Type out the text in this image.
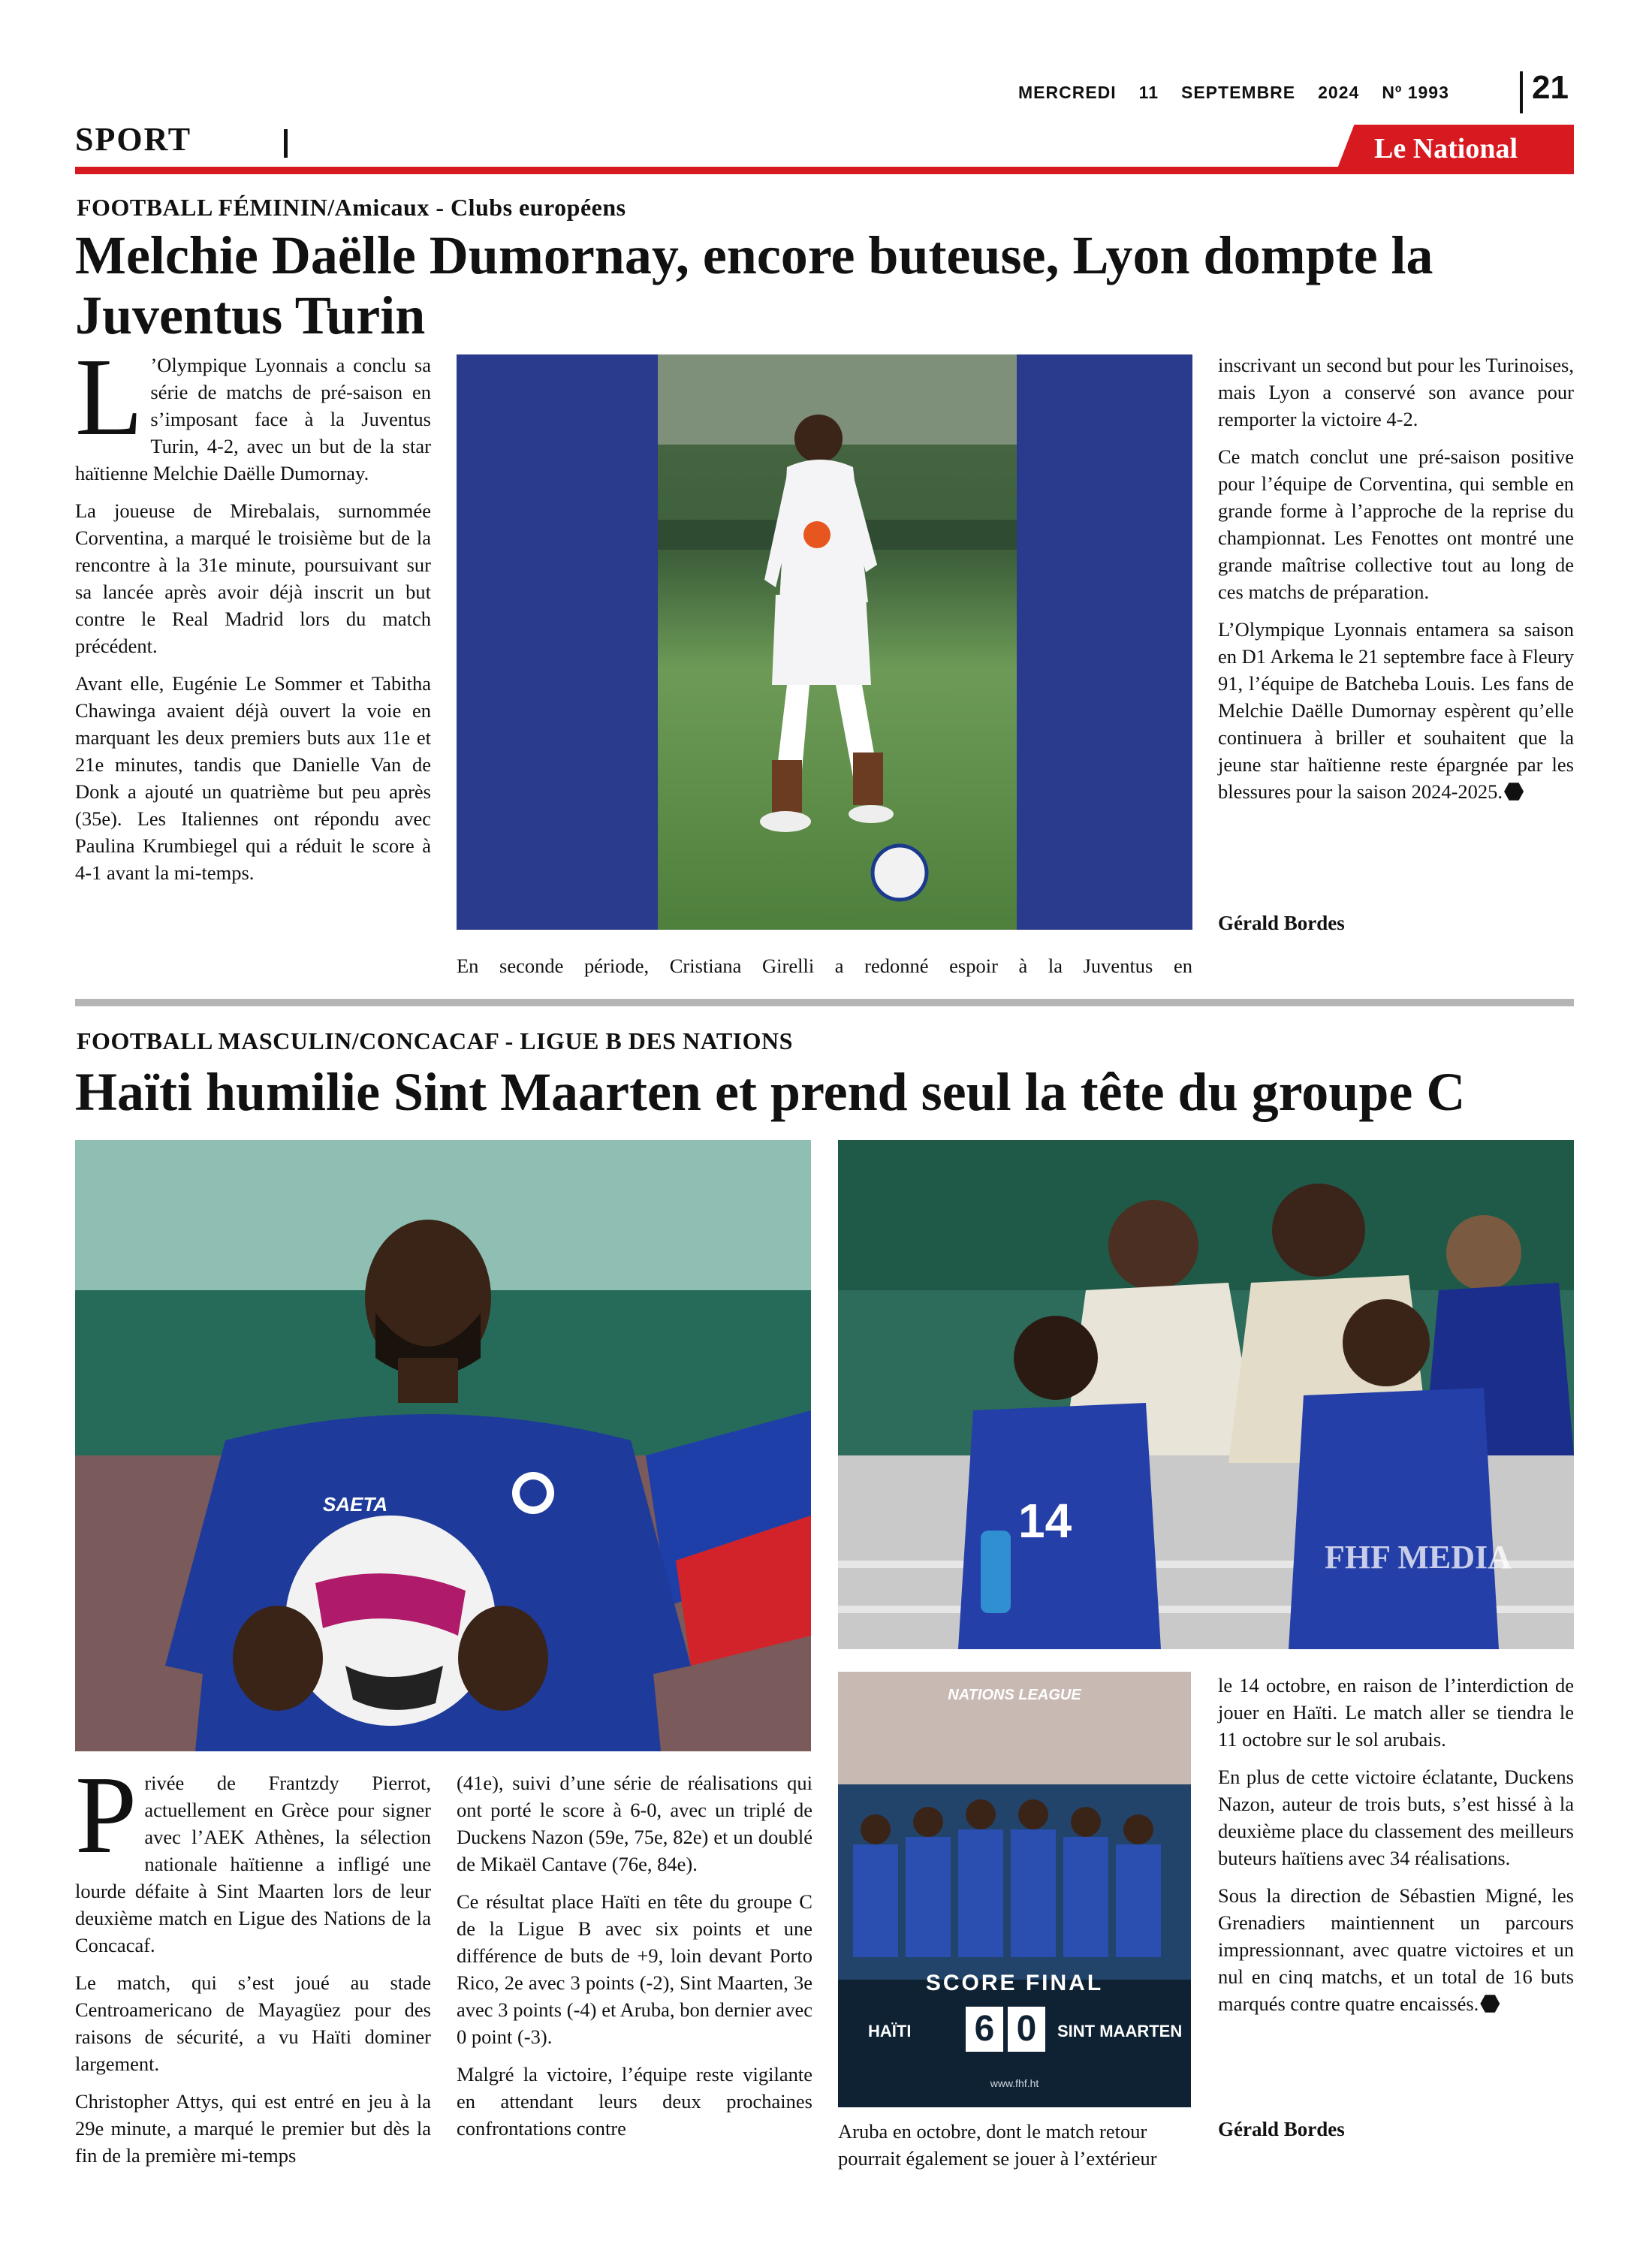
MERCREDI 11 SEPTEMBRE 2024 Nº 1993	21
SPORT	Le National
FOOTBALL FÉMININ/Amicaux - Clubs européens
Melchie Daëlle Dumornay, encore buteuse, Lyon dompte la Juventus Turin

L ’Olympique Lyonnais a conclu sa série de matchs de pré-saison en s’imposant face à la Juventus Turin, 4-2, avec un but de la star haïtienne Melchie Daëlle Dumornay.

La joueuse de Mirebalais, surnommée Corventina, a marqué le troisième but de la rencontre à la 31e minute, poursuivant sur sa lancée après avoir déjà inscrit un but contre le Real Madrid lors du match précédent.

Avant elle, Eugénie Le Sommer et Tabitha Chawinga avaient déjà ouvert la voie en marquant les deux premiers buts aux 11e et 21e minutes, tandis que Danielle Van de Donk a ajouté un quatrième but peu après (35e). Les Italiennes ont répondu avec Paulina Krumbiegel qui a réduit le score à 4-1 avant la mi-temps.

En seconde période, Cristiana Girelli a redonné espoir à la Juventus en

inscrivant un second but pour les Turinoises, mais Lyon a conservé son avance pour remporter la victoire 4-2.

Ce match conclut une pré-saison positive pour l’équipe de Corventina, qui semble en grande forme à l’approche de la reprise du championnat. Les Fenottes ont montré une grande maîtrise collective tout au long de ces matchs de préparation.

L’Olympique Lyonnais entamera sa saison en D1 Arkema le 21 septembre face à Fleury 91, l’équipe de Batcheba Louis. Les fans de Melchie Daëlle Dumornay espèrent qu’elle continuera à briller et souhaitent que la jeune star haïtienne reste épargnée par les blessures pour la saison 2024-2025.

Gérald Bordes
FOOTBALL MASCULIN/CONCACAF - LIGUE B DES NATIONS
Haïti humilie Sint Maarten et prend seul la tête du groupe C
SAETA	14
FHF MEDIA
NATIONS LEAGUE
SCORE FINAL
HAÏTI 6 0	SINT MAARTEN
www.fhf.ht
Aruba en octobre, dont le match retour pourrait également se jouer à l’extérieur

Privée de Frantzdy Pierrot, actuellement en Grèce pour signer avec l’AEK Athènes, la sélection nationale haïtienne a infligé une lourde défaite à Sint Maarten lors de leur deuxième match en Ligue des Nations de la Concacaf.

Le match, qui s’est joué au stade Centroamericano de Mayagüez pour des raisons de sécurité, a vu Haïti dominer largement.

Christopher Attys, qui est entré en jeu à la 29e minute, a marqué le premier but dès la fin de la première mi-temps

(41e), suivi d’une série de réalisations qui ont porté le score à 6-0, avec un triplé de Duckens Nazon (59e, 75e, 82e) et un doublé de Mikaël Cantave (76e, 84e).

Ce résultat place Haïti en tête du groupe C de la Ligue B avec six points et une différence de buts de +9, loin devant Porto Rico, 2e avec 3 points (-2), Sint Maarten, 3e avec 3 points (-4) et Aruba, bon dernier avec 0 point (-3).

Malgré la victoire, l’équipe reste vigilante en attendant leurs deux prochaines confrontations contre

le 14 octobre, en raison de l’interdiction de jouer en Haïti. Le match aller se tiendra le 11 octobre sur le sol arubais.

En plus de cette victoire éclatante, Duckens Nazon, auteur de trois buts, s’est hissé à la deuxième place du classement des meilleurs buteurs haïtiens avec 34 réalisations.

Sous la direction de Sébastien Migné, les Grenadiers maintiennent un parcours impressionnant, avec quatre victoires et un nul en cinq matchs, et un total de 16 buts marqués contre quatre encaissés.

Gérald Bordes
